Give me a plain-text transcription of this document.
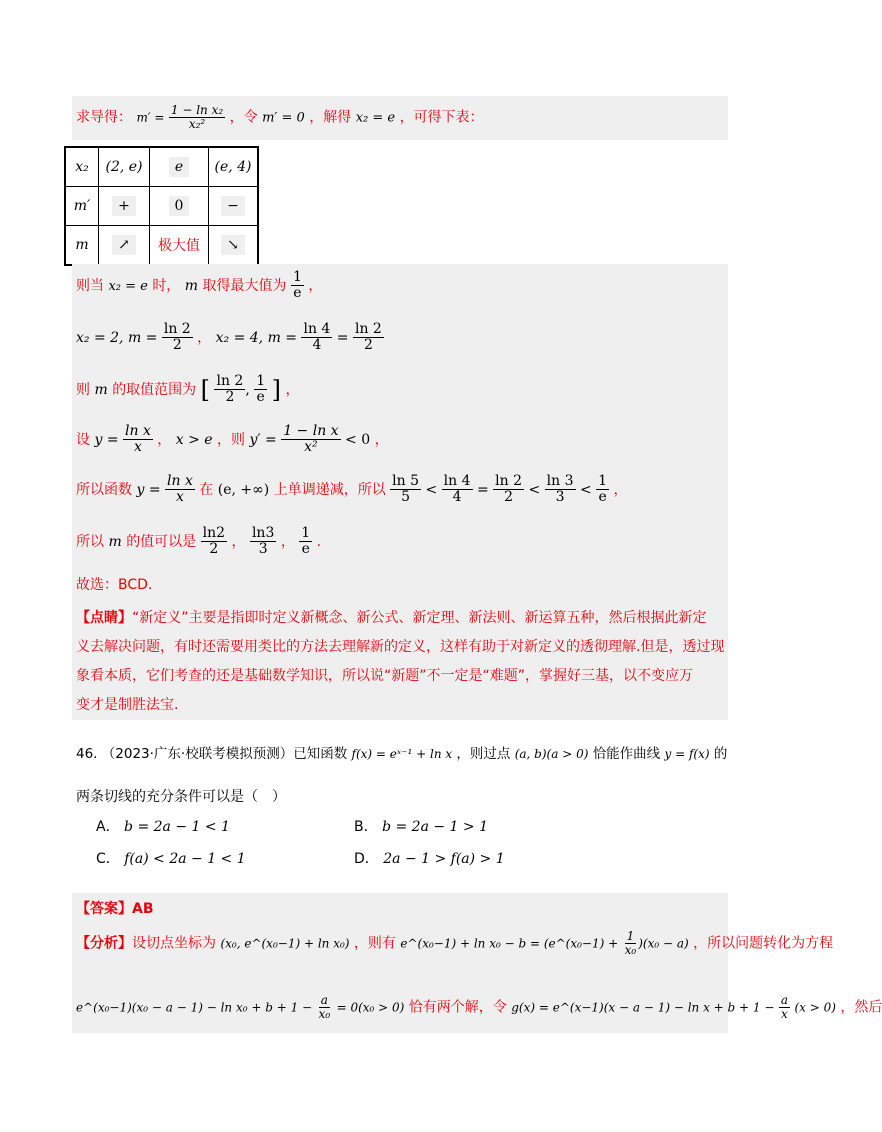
求导得： $m' = \frac{\text{1 − ln x₂}}{\text{x₂²}}$ ，令 m′ = 0 ，解得 x₂ = e ，可得下表：
x₂	(2, e)	e	(e, 4)
m′	+	0	−
m	↗	极大值	↘
则当 x₂ = e 时， m 取得最大值为 $\frac{1}{e}$ ，
x₂ = 2, $m = \frac{\ln 2}{2}$ ， x₂ = 4, $m = \frac{\ln 4}{4} = \frac{\ln 2}{2}$
则 m 的取值范围为 [ $\frac{\ln 2}{2}$ , $\frac{1}{e}$ ] ，
设 $y = \frac{\text{ln x}}{x}$ ， x > e ，则 $y' = \frac{\text{1 − ln x}}{\text{x²}} < 0$ ，
所以函数 $y = \frac{\text{ln x}}{x}$ 在 (e, +∞) 上单调递减，所以 $\frac{\ln 5}{5} < \frac{\ln 4}{4} = \frac{\ln 2}{2} < \frac{\ln 3}{3} < \frac{1}{e}$ ，
所以 m 的值可以是 $\frac{\ln 2}{2}$ ， $\frac{\ln 3}{3}$ ， $\frac{1}{e}$ .
故选：BCD.
【点睛】“新定义”主要是指即时定义新概念、新公式、新定理、新法则、新运算五种，然后根据此新定
义去解决问题，有时还需要用类比的方法去理解新的定义，这样有助于对新定义的透彻理解.但是，透过现
象看本质，它们考查的还是基础数学知识，所以说“新题”不一定是“难题”，掌握好三基，以不变应万
变才是制胜法宝.
46. （2023·广东·校联考模拟预测）已知函数 f(x) = eˣ⁻¹ + ln x ，则过点 (a, b)(a > 0) 恰能作曲线 y = f(x) 的
两条切线的充分条件可以是（　）
A． b = 2a − 1 < 1	B． b = 2a − 1 > 1
C． f(a) < 2a − 1 < 1	D． 2a − 1 > f(a) > 1
【答案】AB
【分析】设切点坐标为 (x₀, e^(x₀−1) + ln x₀) ，则有 e^(x₀−1) + ln x₀ − b = (e^(x₀−1) + $\frac{1}{\text{x₀}} )(x_0 - a)$ ，所以问题转化为方程
e^(x₀−1)(x₀ − $a - 1) - \ln x_0 + b + 1 - \frac{a}{\text{x₀}} = 0(x_0 > 0)$ 恰有两个解，令 g(x) = e^(x−1)(x − $a - 1) - \ln x + b + 1 - \frac{a}{x} (x > 0)$ ，然后
